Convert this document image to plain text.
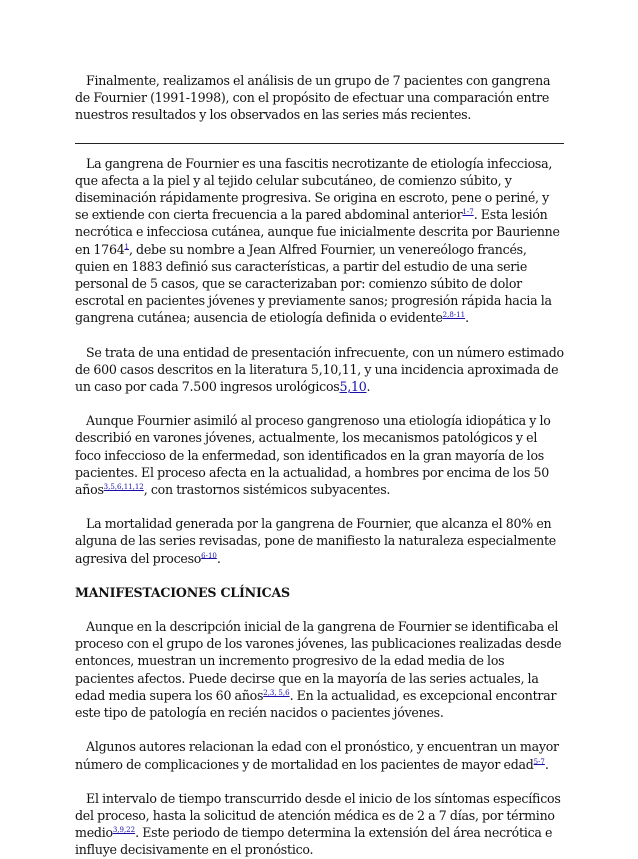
Finalmente, realizamos el análisis de un grupo de 7 pacientes con gangrena de Fournier (1991-1998), con el propósito de efectuar una comparación entre nuestros resultados y los observados en las series más recientes.

La gangrena de Fournier es una fascitis necrotizante de etiología infecciosa, que afecta a la piel y al tejido celular subcutáneo, de comienzo súbito, y diseminación rápidamente progresiva. Se origina en escroto, pene o periné, y se extiende con cierta frecuencia a la pared abdominal anterior$^{1-7}$. Esta lesión necrótica e infecciosa cutánea, aunque fue inicialmente descrita por Baurienne en 1764$^1$, debe su nombre a Jean Alfred Fournier, un venereólogo francés, quien en 1883 definió sus características, a partir del estudio de una serie personal de 5 casos, que se caracterizaban por: comienzo súbito de dolor escrotal en pacientes jóvenes y previamente sanos; progresión rápida hacia la gangrena cutánea; ausencia de etiología definida o evidente$^{2,8-11}$.

Se trata de una entidad de presentación infrecuente, con un número estimado de 600 casos descritos en la literatura 5,10,11, y una incidencia aproximada de un caso por cada 7.500 ingresos urológicos5,10.

Aunque Fournier asimiló al proceso gangrenoso una etiología idiopática y lo describió en varones jóvenes, actualmente, los mecanismos patológicos y el foco infeccioso de la enfermedad, son identificados en la gran mayoría de los pacientes. El proceso afecta en la actualidad, a hombres por encima de los 50 años$^{3,5,6,11,12}$, con trastornos sistémicos subyacentes.

La mortalidad generada por la gangrena de Fournier, que alcanza el 80% en alguna de las series revisadas, pone de manifiesto la naturaleza especialmente agresiva del proceso$^{6-10}$.

MANIFESTACIONES CLÍNICAS

Aunque en la descripción inicial de la gangrena de Fournier se identificaba el proceso con el grupo de los varones jóvenes, las publicaciones realizadas desde entonces, muestran un incremento progresivo de la edad media de los pacientes afectos. Puede decirse que en la mayoría de las series actuales, la edad media supera los 60 años$^{2,3, 5,6}$. En la actualidad, es excepcional encontrar este tipo de patología en recién nacidos o pacientes jóvenes.

Algunos autores relacionan la edad con el pronóstico, y encuentran un mayor número de complicaciones y de mortalidad en los pacientes de mayor edad$^{5-7}$.

El intervalo de tiempo transcurrido desde el inicio de los síntomas específicos del proceso, hasta la solicitud de atención médica es de 2 a 7 días, por término medio$^{3,9,22}$. Este periodo de tiempo determina la extensión del área necrótica e influye decisivamente en el pronóstico.
